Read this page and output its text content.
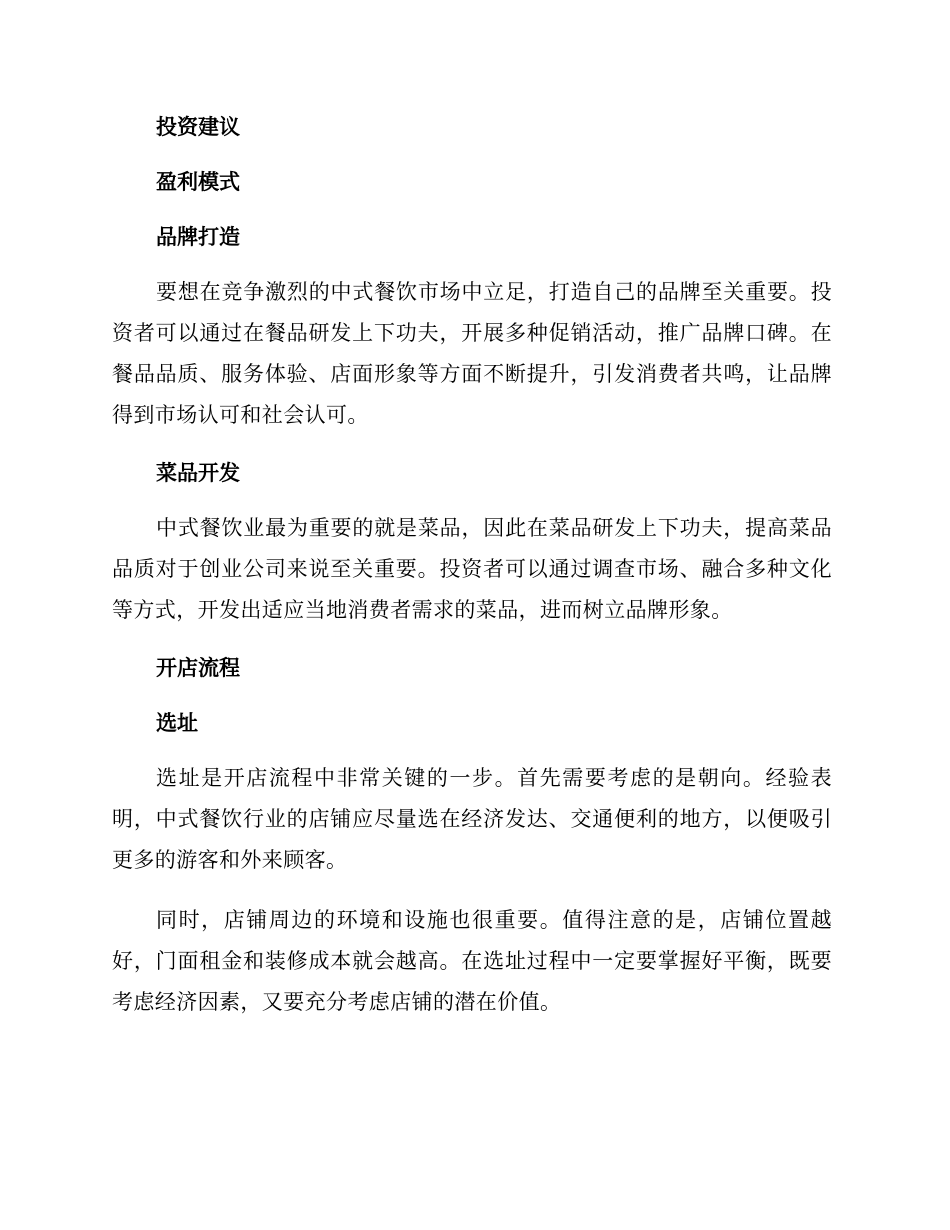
投资建议
盈利模式
品牌打造
要想在竞争激烈的中式餐饮市场中立足，打造自己的品牌至关重要。投资者可以通过在餐品研发上下功夫，开展多种促销活动，推广品牌口碑。在餐品品质、服务体验、店面形象等方面不断提升，引发消费者共鸣，让品牌得到市场认可和社会认可。
菜品开发
中式餐饮业最为重要的就是菜品，因此在菜品研发上下功夫，提高菜品品质对于创业公司来说至关重要。投资者可以通过调查市场、融合多种文化等方式，开发出适应当地消费者需求的菜品，进而树立品牌形象。
开店流程
选址
选址是开店流程中非常关键的一步。首先需要考虑的是朝向。经验表明，中式餐饮行业的店铺应尽量选在经济发达、交通便利的地方，以便吸引更多的游客和外来顾客。
同时，店铺周边的环境和设施也很重要。值得注意的是，店铺位置越好，门面租金和装修成本就会越高。在选址过程中一定要掌握好平衡，既要考虑经济因素，又要充分考虑店铺的潜在价值。
